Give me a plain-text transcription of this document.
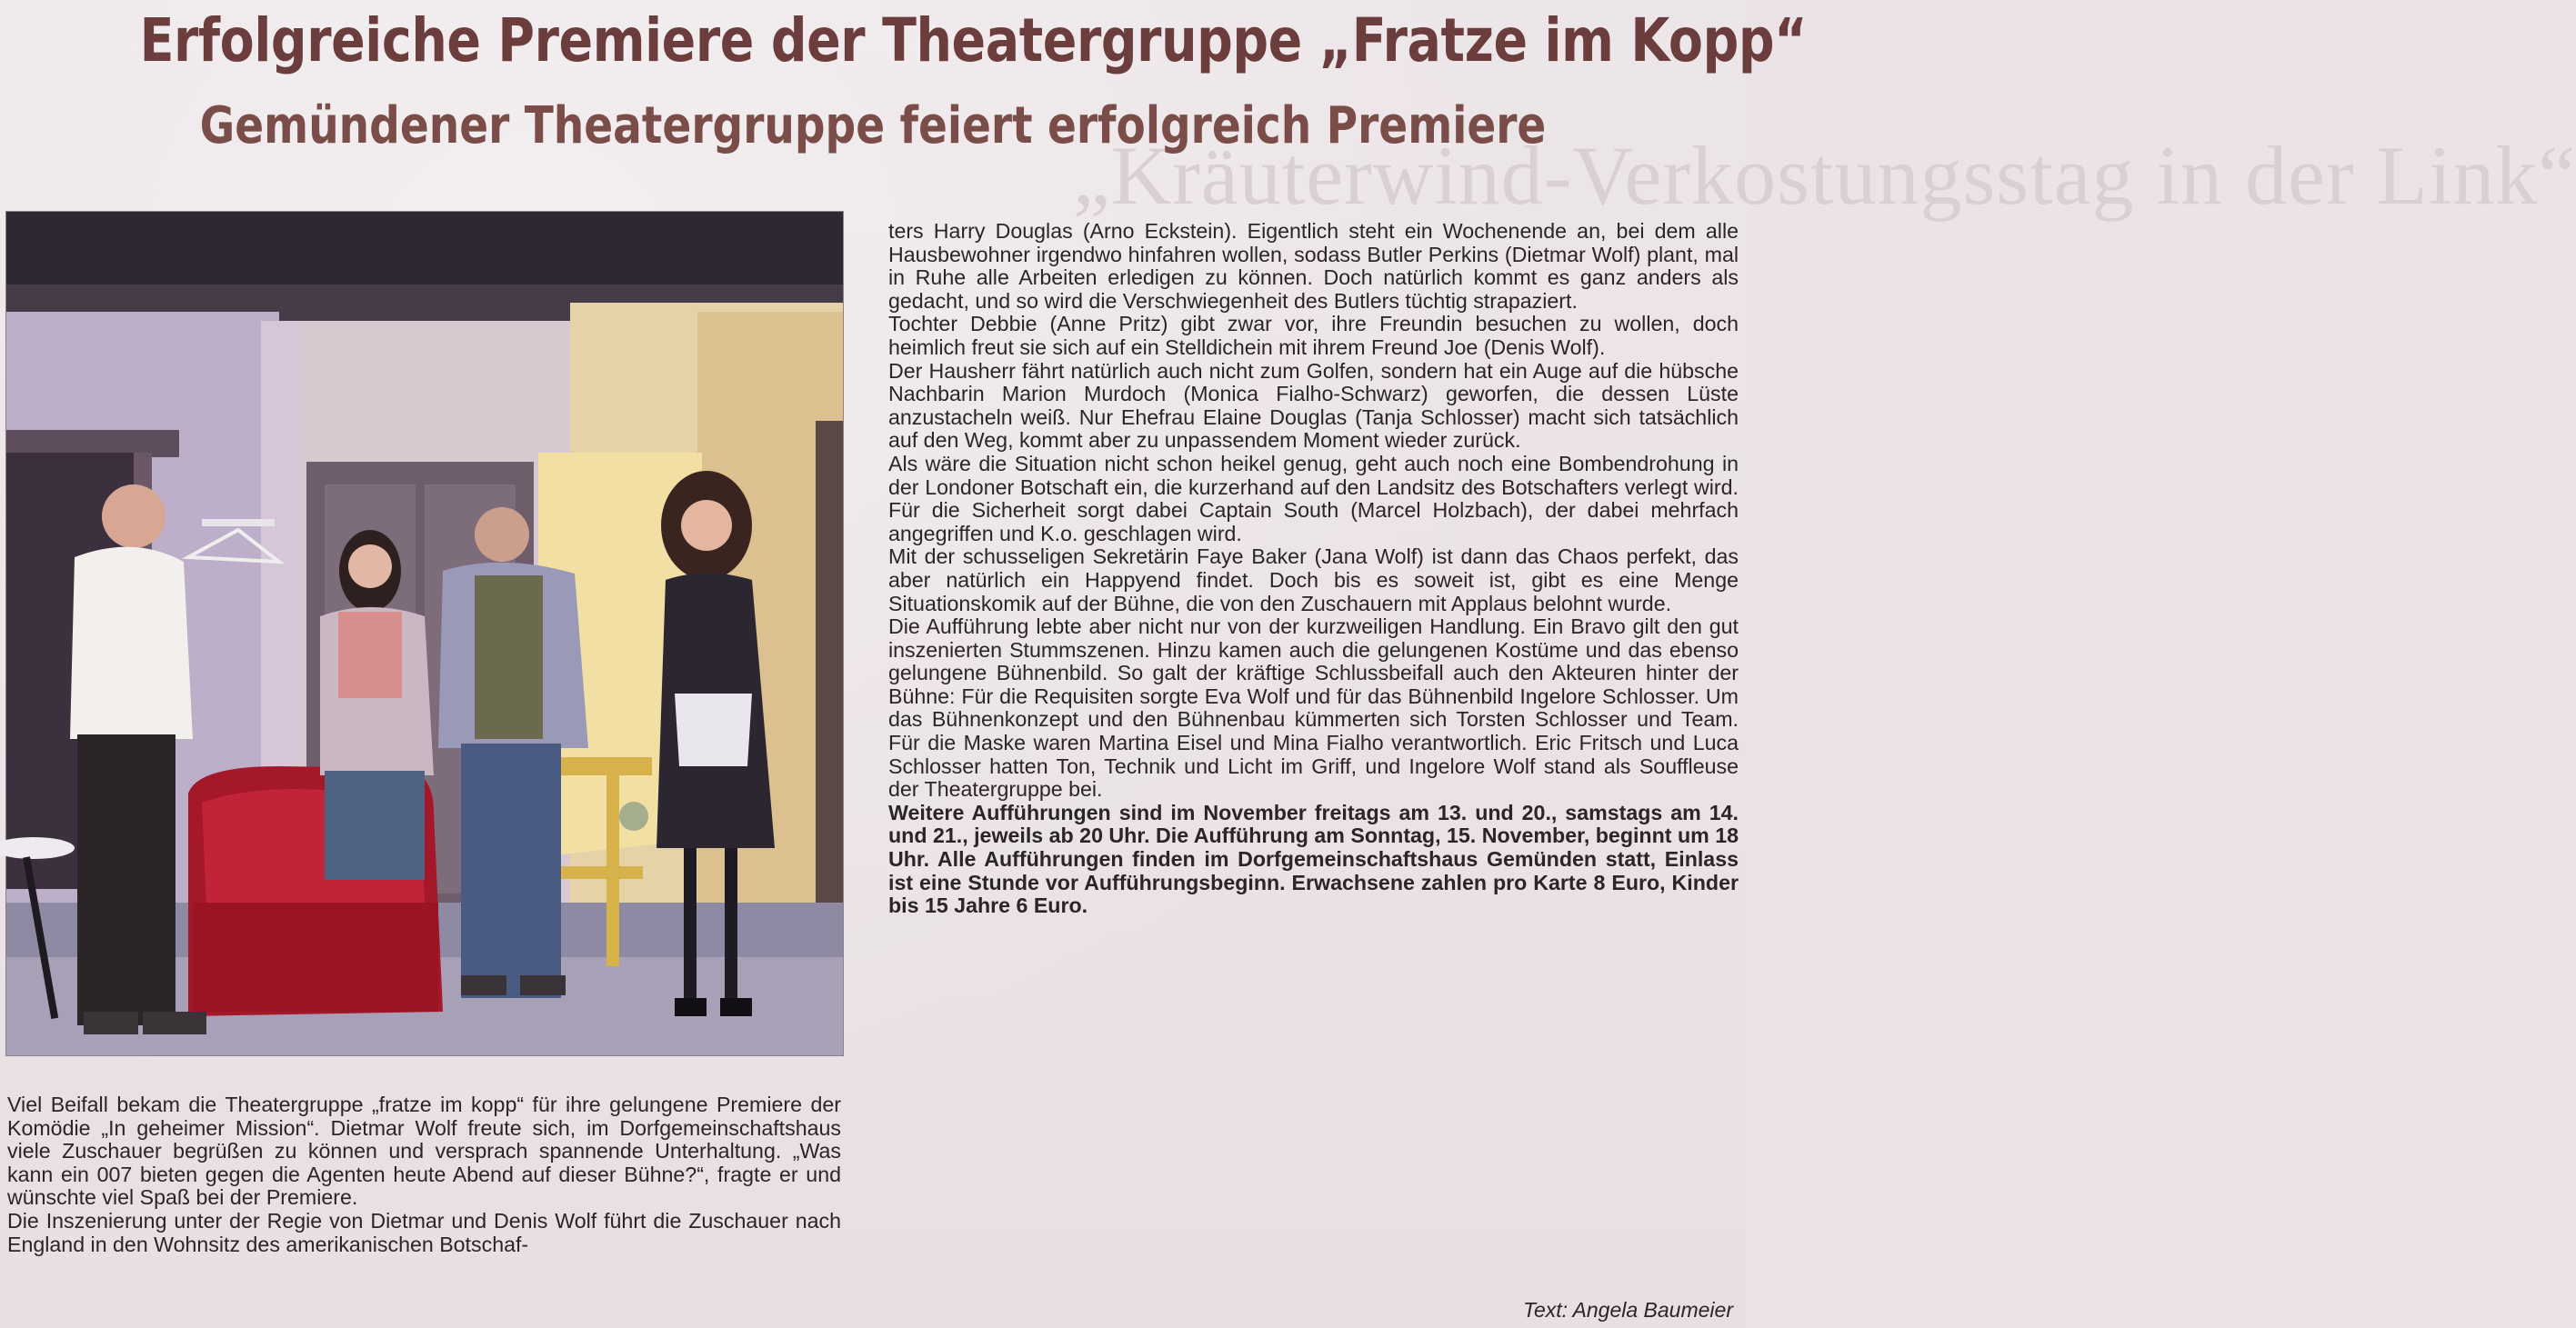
„Kräuterwind-Verkostungsstag in der Link“
Erfolgreiche Premiere der Theatergruppe „Fratze im Kopp“
Gemündener Theatergruppe feiert erfolgreich Premiere

Viel Beifall bekam die Theatergruppe „fratze im kopp“ für ihre gelungene Premiere der Komödie „In geheimer Mission“. Dietmar Wolf freute sich, im Dorfgemeinschaftshaus viele Zuschauer begrüßen zu können und versprach spannende Unterhaltung. „Was kann ein 007 bieten gegen die Agenten heute Abend auf dieser Bühne?“, fragte er und wünschte viel Spaß bei der Premiere.

Die Inszenierung unter der Regie von Dietmar und Denis Wolf führt die Zuschauer nach England in den Wohnsitz des amerikanischen Botschaf-

ters Harry Douglas (Arno Eckstein). Eigentlich steht ein Wochenende an, bei dem alle Hausbewohner irgendwo hinfahren wollen, sodass Butler Perkins (Dietmar Wolf) plant, mal in Ruhe alle Arbeiten erledigen zu können. Doch natürlich kommt es ganz anders als gedacht, und so wird die Verschwiegenheit des Butlers tüchtig strapaziert.

Tochter Debbie (Anne Pritz) gibt zwar vor, ihre Freundin besuchen zu wollen, doch heimlich freut sie sich auf ein Stelldichein mit ihrem Freund Joe (Denis Wolf).

Der Hausherr fährt natürlich auch nicht zum Golfen, sondern hat ein Auge auf die hübsche Nachbarin Marion Murdoch (Monica Fialho-Schwarz) geworfen, die dessen Lüste anzustacheln weiß. Nur Ehefrau Elaine Douglas (Tanja Schlosser) macht sich tatsächlich auf den Weg, kommt aber zu unpassendem Moment wieder zurück.

Als wäre die Situation nicht schon heikel genug, geht auch noch eine Bombendrohung in der Londoner Botschaft ein, die kurzerhand auf den Landsitz des Botschafters verlegt wird. Für die Sicherheit sorgt dabei Captain South (Marcel Holzbach), der dabei mehrfach angegriffen und K.o. geschlagen wird.

Mit der schusseligen Sekretärin Faye Baker (Jana Wolf) ist dann das Chaos perfekt, das aber natürlich ein Happyend findet. Doch bis es soweit ist, gibt es eine Menge Situationskomik auf der Bühne, die von den Zuschauern mit Applaus belohnt wurde.

Die Aufführung lebte aber nicht nur von der kurzweiligen Handlung. Ein Bravo gilt den gut inszenierten Stummszenen. Hinzu kamen auch die gelungenen Kostüme und das ebenso gelungene Bühnenbild. So galt der kräftige Schlussbeifall auch den Akteuren hinter der Bühne: Für die Requisiten sorgte Eva Wolf und für das Bühnenbild Ingelore Schlosser. Um das Bühnenkonzept und den Bühnenbau kümmerten sich Torsten Schlosser und Team. Für die Maske waren Martina Eisel und Mina Fialho verantwortlich. Eric Fritsch und Luca Schlosser hatten Ton, Technik und Licht im Griff, und Ingelore Wolf stand als Souffleuse der Theatergruppe bei.

Weitere Aufführungen sind im November freitags am 13. und 20., samstags am 14. und 21., jeweils ab 20 Uhr. Die Aufführung am Sonntag, 15. November, beginnt um 18 Uhr. Alle Aufführungen finden im Dorfgemeinschaftshaus Gemünden statt, Einlass ist eine Stunde vor Aufführungsbeginn. Erwachsene zahlen pro Karte 8 Euro, Kinder bis 15 Jahre 6 Euro.

Text: Angela Baumeier
